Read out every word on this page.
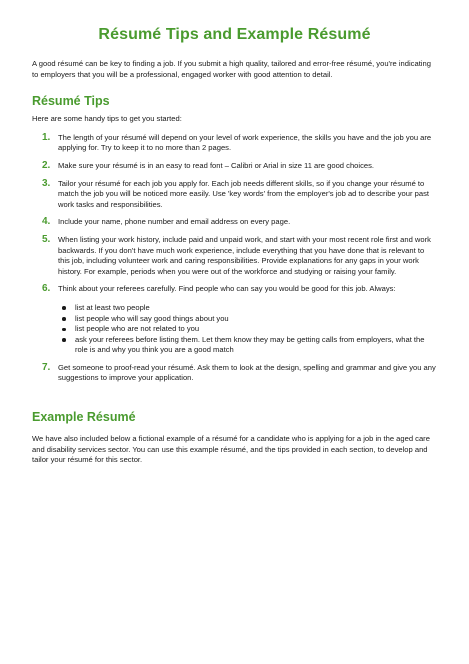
Résumé Tips and Example Résumé

A good résumé can be key to finding a job. If you submit a high quality, tailored and error-free résumé, you're indicating to employers that you will be a professional, engaged worker with good attention to detail.

Résumé Tips

Here are some handy tips to get you started:

1.	The length of your résumé will depend on your level of work experience, the skills you have and the job you are applying for. Try to keep it to no more than 2 pages.
2.	Make sure your résumé is in an easy to read font – Calibri or Arial in size 11 are good choices.
3.	Tailor your résumé for each job you apply for. Each job needs different skills, so if you change your résumé to match the job you will be noticed more easily. Use 'key words' from the employer's job ad to describe your past work tasks and responsibilities.
4.	Include your name, phone number and email address on every page.
5.	When listing your work history, include paid and unpaid work, and start with your most recent role first and work backwards. If you don't have much work experience, include everything that you have done that is relevant to this job, including volunteer work and caring responsibilities. Provide explanations for any gaps in your work history. For example, periods when you were out of the workforce and studying or raising your family.
6.	Think about your referees carefully. Find people who can say you would be good for this job. Always:
list at least two people
list people who will say good things about you
list people who are not related to you
ask your referees before listing them. Let them know they may be getting calls from employers, what the role is and why you think you are a good match
7.	Get someone to proof-read your résumé. Ask them to look at the design, spelling and grammar and give you any suggestions to improve your application.
Example Résumé

We have also included below a fictional example of a résumé for a candidate who is applying for a job in the aged care and disability services sector. You can use this example résumé, and the tips provided in each section, to develop and tailor your résumé for this sector.
